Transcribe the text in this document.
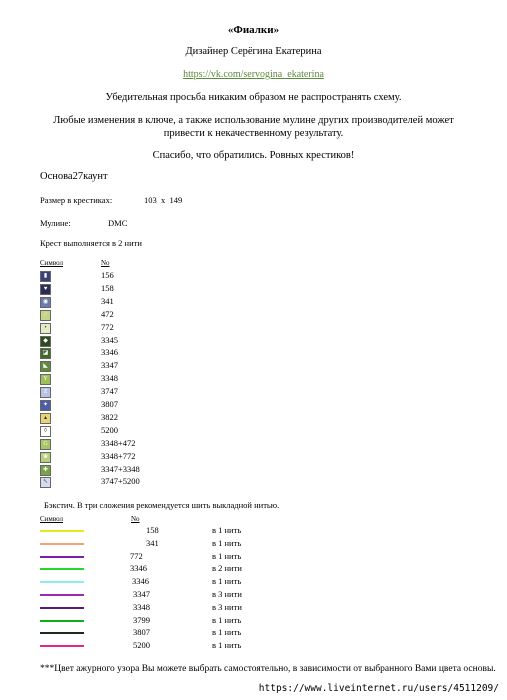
«Фиалки»
Дизайнер Серёгина Екатерина
https://vk.com/servogina_ekaterina
Убедительная просьба никаким образом не распространять схему.
Любые изменения в ключе, а также использование мулине других производителей может
привести к некачественному результату.
Спасибо, что обратились. Ровных крестиков!
Основа27каунт
Размер в крестиках:	103  x  149
Мулине:	DMC
Крест выполняется в 2 нити
Символ	No
▮	156
♥	158
◉	341
⁄	472
•	772
◆	3345
◪	3346
◣	3347
Y	3348
Z	3747
✦	3807
▴	3822
◊	5200
Ġ	3348+472
❀	3348+772
✚	3347+3348
↖	3747+5200
Бэкстич. В три сложения рекомендуется шить выкладной нитью.
Символ	No
158	в 1 нить
341	в 1 нить
772	в 1 нить
3346	в 2 нити
3346	в 1 нить
3347	в 3 нити
3348	в 3 нити
3799	в 1 нить
3807	в 1 нить
5200	в 1 нить
***Цвет ажурного узора Вы можете выбрать самостоятельно, в зависимости от выбранного Вами цвета основы.
https://www.liveinternet.ru/users/4511209/
